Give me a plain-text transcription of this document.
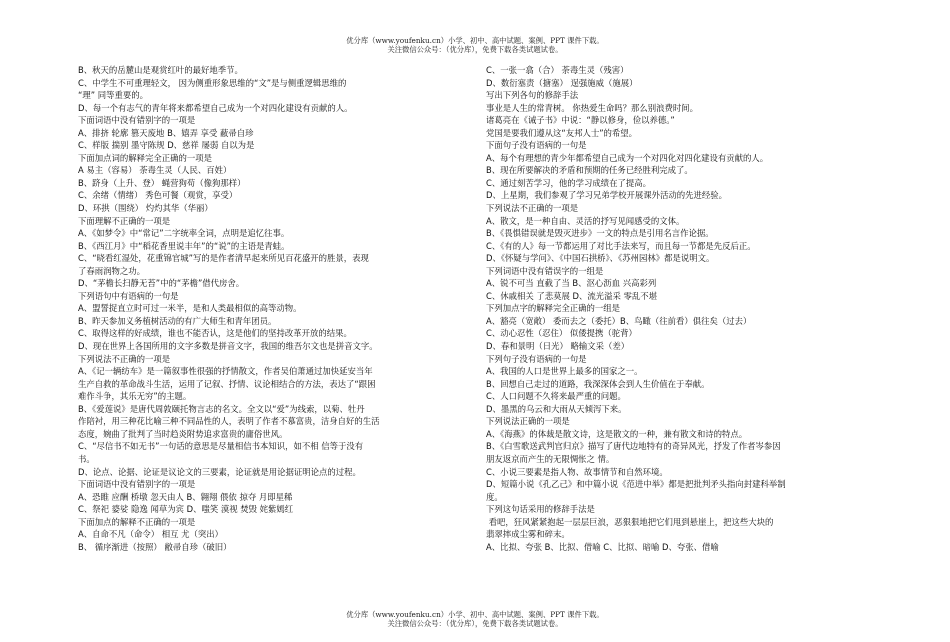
优分库（www.youfenku.cn）小学、初中、高中试题、案例、PPT 课件下载。
关注微信公众号：（优分库），免费下载各类试题试卷。
B、秋天的岳麓山是观赏红叶的最好地季节。
C、中学生不可重理轻文， 因为侧重形象思维的“文”是与侧重逻辑思维的
“理” 同等重要的。
D、每一个有志气的青年将来都希望自己成为一个对四化建设有贡献的人。
下面词语中没有错别字的一项是
A、排挤 轮廓 篡天废地 B、嬉弄 享受 蔽帚自珍
C、样版 揣别 墨守陈规 D、慈祥 屡弱 自以为是
下面加点词的解释完全正确的一项是
A 易主（容易） 荼毒生灵（人民、百姓）
B、跻身（上升、登） 蝇营狗苟（像狗那样）
C、余绪（情绪） 秀色可餐（观赏，享受）
D、环拱（围绕） 灼灼其华（华丽）
下面理解不正确的一项是
A、《如梦令》中“常记”二字统率全词，点明是追忆往事。
B、《西江月》中“稻花香里说丰年”的“说”的主语是青蛙。
C、“晓看红湿处，花重锦官城”写的是作者清早起来所见百花盛开的胜景，表现
了春雨润物之功。
D、“茅檐长扫静无苔”中的“茅檐”借代房舍。
下列语句中有语病的一句是
A、盟誓捉直立时可过一米半，是和人类最相似的高等动物。
B、昨天参加义务植树活动的有广大师生和青年团员。
C、取得这样的好成绩，谁也不能否认，这是他们的坚持改革开放的结果。
D、现在世界上各国所用的文字多数是拼音文字，我国的维吾尔文也是拼音文字。
下列说法不正确的一项是
A、《记一辆纺车》是一篇叙事性很强的抒情散文，作者吴伯萧通过加快延安当年
生产自救的革命战斗生活，运用了记叙、抒情、议论相结合的方法，表达了“跟困
难作斗争，其乐无穷”的主题。
B、《爱莲说》是唐代周敦颐托物言志的名文。全文以“爱”为线索，以菊、牡丹
作陪衬，用三种花比喻三种不同品性的人，表明了作者不慕富贵，洁身自好的生活
态度，婉曲了批判了当时趋炎附势追求富贵的庸俗世风。
C、“尽信书不如无书”一句话的意思是尽量相信书本知识，如不相 信等于没有
书。
D、论点、论据、论证是议论文的三要素，论证就是用论据证明论点的过程。
下面词语中没有错别字的一项是
A、恐睢 应酬 桥墩 忽天由人 B、翱翔 偎依 掠夺 月即星稀
C、祭祀 婆娑 隐逸 闻草为宾 D、嗤笑 漠视 焚毁 姹紫嫣红
下面加点的解释不正确的一项是
A、自命不凡（命令） 相互 尤（突出）
B、 循序渐进（按照） 敝帚自珍（破旧）
C、一张一翕（合） 荼毒生灵（残害）
D、数衍塞责（搪塞） 逞强施威（施展）
写出下列各句的修辞手法
事业是人生的常青树。 你热爱生命吗？那么别浪费时间。
诸葛亮在《诫子书》中说：“静以修身，俭以养德。”
党国是要我们遵从这“友邦人士”的希望。
下面句子没有语病的一句是
A、每个有理想的青少年都希望自己成为一个对四化对四化建设有贡献的人。
B、现在所要解决的矛盾和预期的任务已经胜利完成了。
C、通过刻苦学习，他的学习成绩在了提高。
D、上星期，我们参观了学习兄弟学校开展课外活动的先进经验。
下列说法不正确的一项是
A、散文，是一种自由、灵活的抒写见闻感受的文体。
B、《畏惧错误就是毁灭进步》一文的特点是引用名言作论据。
C、《有的人》每一节都运用了对比手法来写，而且每一节都是先反后正。
D、《怀疑与学问》、《中国石拱桥》、《苏州园林》都是说明文。
下列词语中没有错误字的一组是
A、锐不可当 直截了当 B、沤心沥血 兴高彩列
C、休戚相关 了悲莫展 D、流光溢采 零乱不堪
下列加点字的解释完全正确的一组是
A、豁亮（宽敞） 委而去之（委托）B、鸟瞰（往前看）俱往矣（过去）
C、动心忍性（忍住） 似倭提携（驼背）
D、春和景明（日光） 略输文采（差）
下列句子没有语病的一句是
A、我国的人口是世界上最多的国家之一。
B、回想自己走过的道路，我深深体会到人生价值在于奉献。
C、人口问题不久将来最严重的问题。
D、墨黑的乌云和大雨从天倾泻下来。
下列说法正确的一项是
A、《海燕》的体裁是散文诗，这是散文的一种，兼有散文和诗的特点。
B、《白雪歌送武判官归京》描写了唐代边地特有的奇异风光，抒发了作者岑参因
朋友返京而产生的无限惆怅之 情。
C、小说三要素是指人物、故事情节和自然环境。
D、短篇小说《孔乙己》和中篇小说《范进中举》都是把批判矛头指向封建科举制
度。
下列这句话采用的修辞手法是
看吧，狂风紧紧抱起一层层巨浪，恶狠狠地把它们甩到悬崖上，把这些大块的
翡翠摔成尘雾和碎末。
A、比拟、夸张 B、比拟、借喻 C、比拟、暗喻 D、夸张、借喻
优分库（www.youfenku.cn）小学、初中、高中试题、案例、PPT 课件下载。
关注微信公众号：（优分库），免费下载各类试题试卷。
